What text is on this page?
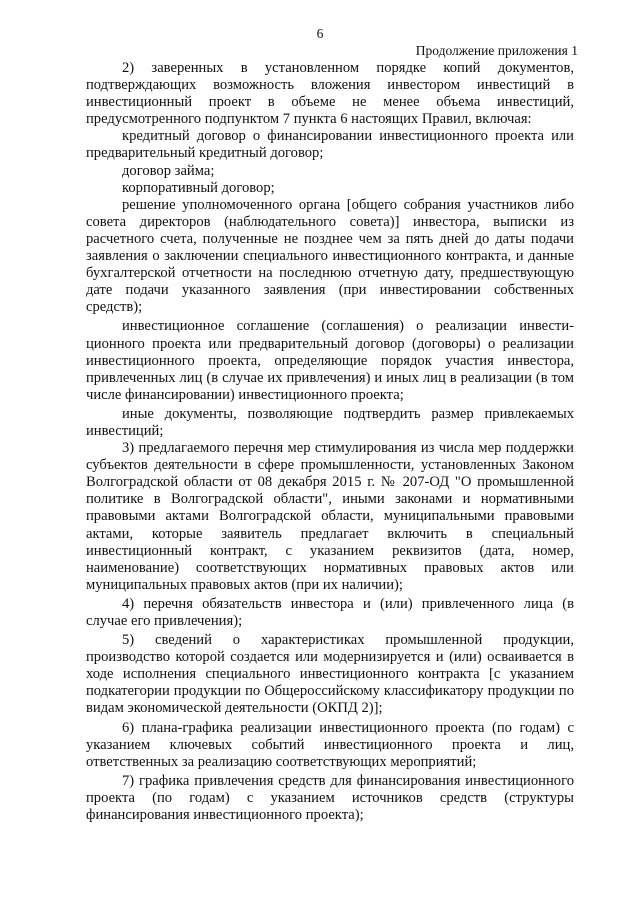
6
Продолжение приложения 1

2) заверенных в установленном порядке копий документов, подтверждающих возможность вложения инвестором инвестиций в инвестиционный проект в объеме не менее объема инвестиций, предусмотренного подпунктом 7 пункта 6 настоящих Правил, включая:

кредитный договор о финансировании инвестиционного проекта или предварительный кредитный договор;

договор займа;

корпоративный договор;

решение уполномоченного органа [общего собрания участников либо совета директоров (наблюдательного совета)] инвестора, выписки из расчетного счета, полученные не позднее чем за пять дней до даты подачи заявления о заключении специального инвестиционного контракта, и данные бухгалтерской отчетности на последнюю отчетную дату, предшествующую дате подачи указанного заявления (при инвестировании собственных средств);

инвестиционное соглашение (соглашения) о реализации инвести-ционного проекта или предварительный договор (договоры) о реализации инвестиционного проекта, определяющие порядок участия инвестора, привлеченных лиц (в случае их привлечения) и иных лиц в реализации (в том числе финансировании) инвестиционного проекта;

иные документы, позволяющие подтвердить размер привлекаемых инвестиций;

3) предлагаемого перечня мер стимулирования из числа мер поддержки субъектов деятельности в сфере промышленности, установленных Законом Волгоградской области от 08 декабря 2015 г. № 207-ОД "О промышленной политике в Волгоградской области", иными законами и нормативными правовыми актами Волгоградской области, муниципальными правовыми актами, которые заявитель предлагает включить в специальный инвестиционный контракт, с указанием реквизитов (дата, номер, наименование) соответствующих нормативных правовых актов или муниципальных правовых актов (при их наличии);

4) перечня обязательств инвестора и (или) привлеченного лица (в случае его привлечения);

5) сведений о характеристиках промышленной продукции, производство которой создается или модернизируется и (или) осваивается в ходе исполнения специального инвестиционного контракта [с указанием подкатегории продукции по Общероссийскому классификатору продукции по видам экономической деятельности (ОКПД 2)];

6) плана-графика реализации инвестиционного проекта (по годам) с указанием ключевых событий инвестиционного проекта и лиц, ответственных за реализацию соответствующих мероприятий;

7) графика привлечения средств для финансирования инвестиционного проекта (по годам) с указанием источников средств (структуры финансирования инвестиционного проекта);
